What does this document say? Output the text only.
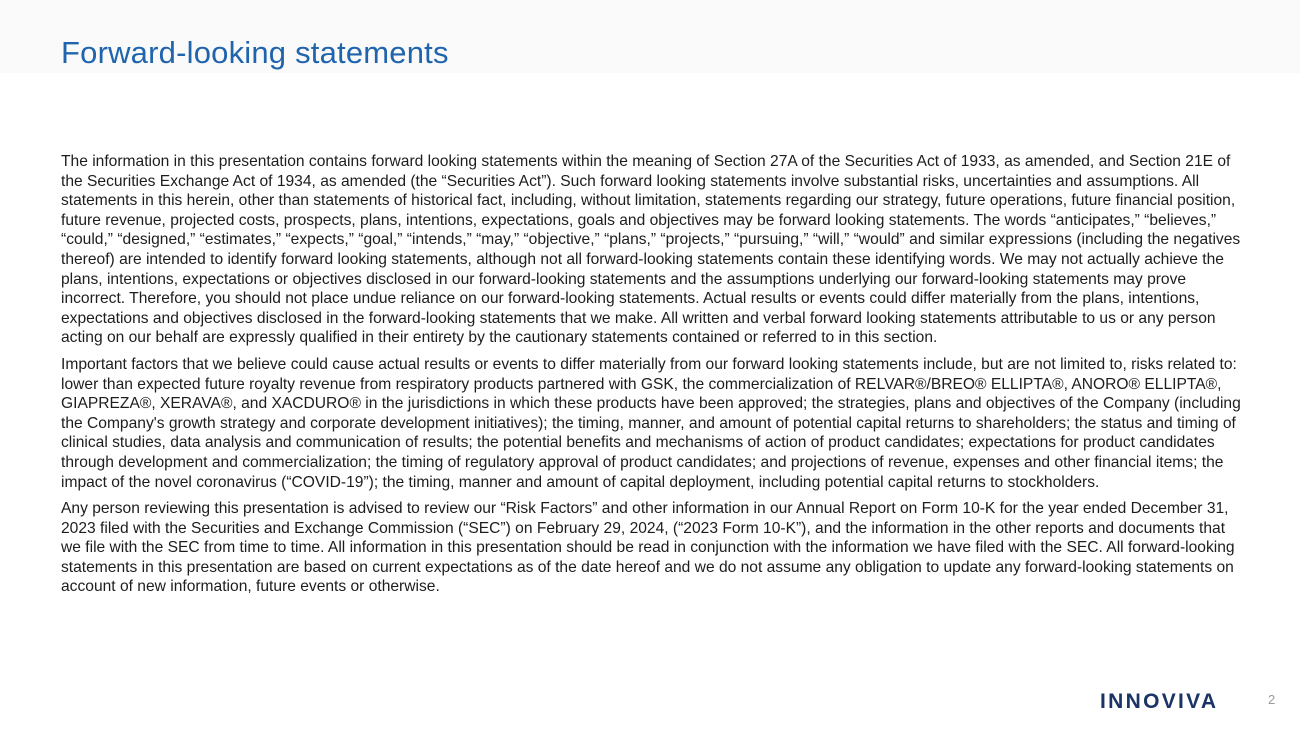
Forward-looking statements

The information in this presentation contains forward looking statements within the meaning of Section 27A of the Securities Act of 1933, as amended, and Section 21E of the Securities Exchange Act of 1934, as amended (the “Securities Act”). Such forward looking statements involve substantial risks, uncertainties and assumptions. All statements in this herein, other than statements of historical fact, including, without limitation, statements regarding our strategy, future operations, future financial position, future revenue, projected costs, prospects, plans, intentions, expectations, goals and objectives may be forward looking statements. The words “anticipates,” “believes,” “could,” “designed,” “estimates,” “expects,” “goal,” “intends,” “may,” “objective,” “plans,” “projects,” “pursuing,” “will,” “would” and similar expressions (including the negatives thereof) are intended to identify forward looking statements, although not all forward-looking statements contain these identifying words. We may not actually achieve the plans, intentions, expectations or objectives disclosed in our forward-looking statements and the assumptions underlying our forward-looking statements may prove incorrect. Therefore, you should not place undue reliance on our forward-looking statements. Actual results or events could differ materially from the plans, intentions, expectations and objectives disclosed in the forward-looking statements that we make. All written and verbal forward looking statements attributable to us or any person acting on our behalf are expressly qualified in their entirety by the cautionary statements contained or referred to in this section.

Important factors that we believe could cause actual results or events to differ materially from our forward looking statements include, but are not limited to, risks related to: lower than expected future royalty revenue from respiratory products partnered with GSK, the commercialization of RELVAR®/BREO® ELLIPTA®, ANORO® ELLIPTA®, GIAPREZA®, XERAVA®, and XACDURO® in the jurisdictions in which these products have been approved; the strategies, plans and objectives of the Company (including the Company's growth strategy and corporate development initiatives); the timing, manner, and amount of potential capital returns to shareholders; the status and timing of clinical studies, data analysis and communication of results; the potential benefits and mechanisms of action of product candidates; expectations for product candidates through development and commercialization; the timing of regulatory approval of product candidates; and projections of revenue, expenses and other financial items; the impact of the novel coronavirus (“COVID-19”); the timing, manner and amount of capital deployment, including potential capital returns to stockholders.

Any person reviewing this presentation is advised to review our “Risk Factors” and other information in our Annual Report on Form 10-K for the year ended December 31, 2023 filed with the Securities and Exchange Commission (“SEC”) on February 29, 2024, (“2023 Form 10-K”), and the information in the other reports and documents that we file with the SEC from time to time. All information in this presentation should be read in conjunction with the information we have filed with the SEC. All forward-looking statements in this presentation are based on current expectations as of the date hereof and we do not assume any obligation to update any forward-looking statements on account of new information, future events or otherwise.

INNOVIVA	2
